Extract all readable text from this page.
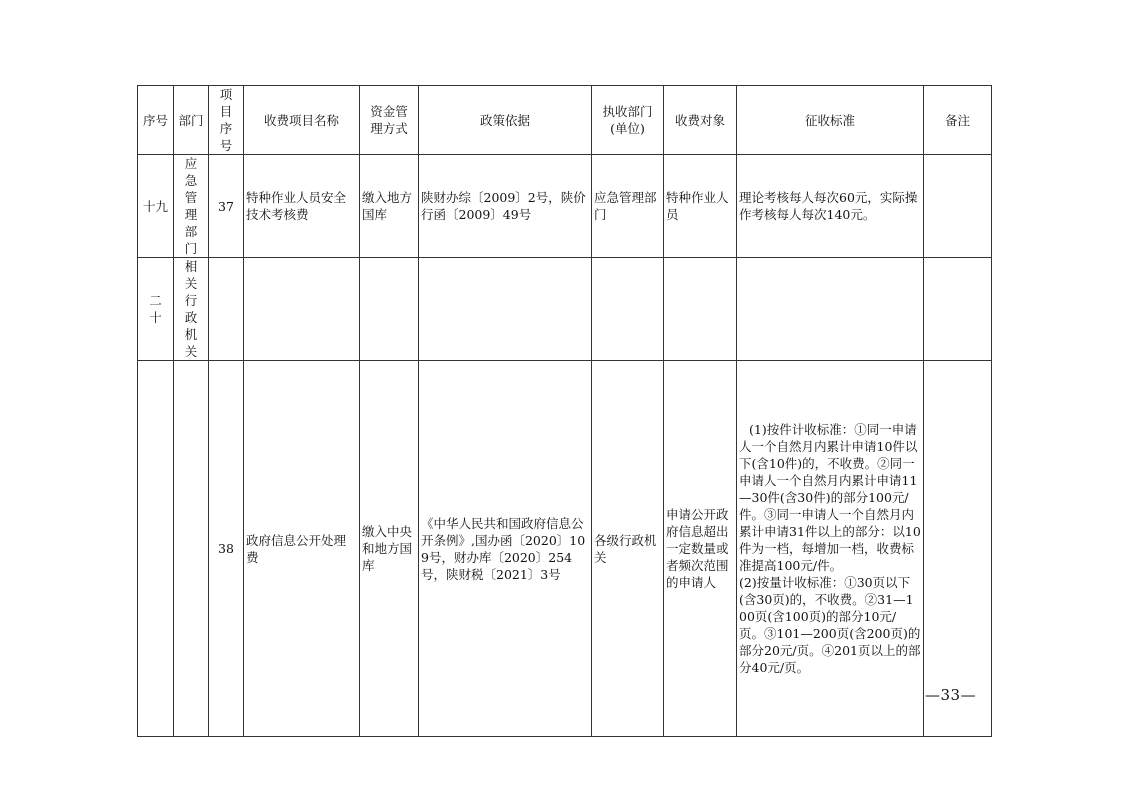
序号	部门	项目序号	收费项目名称	资金管理方式	政策依据	执收部门(单位)	收费对象	征收标准	备注
十九	应急管理部门	37	特种作业人员安全技术考核费	缴入地方国库	陕财办综〔2009〕2号，陕价行函〔2009〕49号	应急管理部门	特种作业人员	理论考核每人每次60元，实际操作考核每人每次140元。	
二十	相关行政机关								
		38	政府信息公开处理费	缴入中央和地方国库	《中华人民共和国政府信息公开条例》,国办函〔2020〕109号，财办库〔2020〕254 号，陕财税〔2021〕3号	各级行政机关	申请公开政府信息超出一定数量或者频次范围的申请人	(1)按件计收标准：①同一申请人一个自然月内累计申请10件以下(含10件)的，不收费。②同一申请人一个自然月内累计申请11—30件(含30件)的部分100元/件。③同一申请人一个自然月内累计申请31件以上的部分：以10件为一档，每增加一档，收费标准提高100元/件。

(2)按量计收标准：①30页以下(含30页)的，不收费。②31—100页(含100页)的部分10元/页。③101—200页(含200页)的部分20元/页。④201页以上的部分40元/页。	

—33—
